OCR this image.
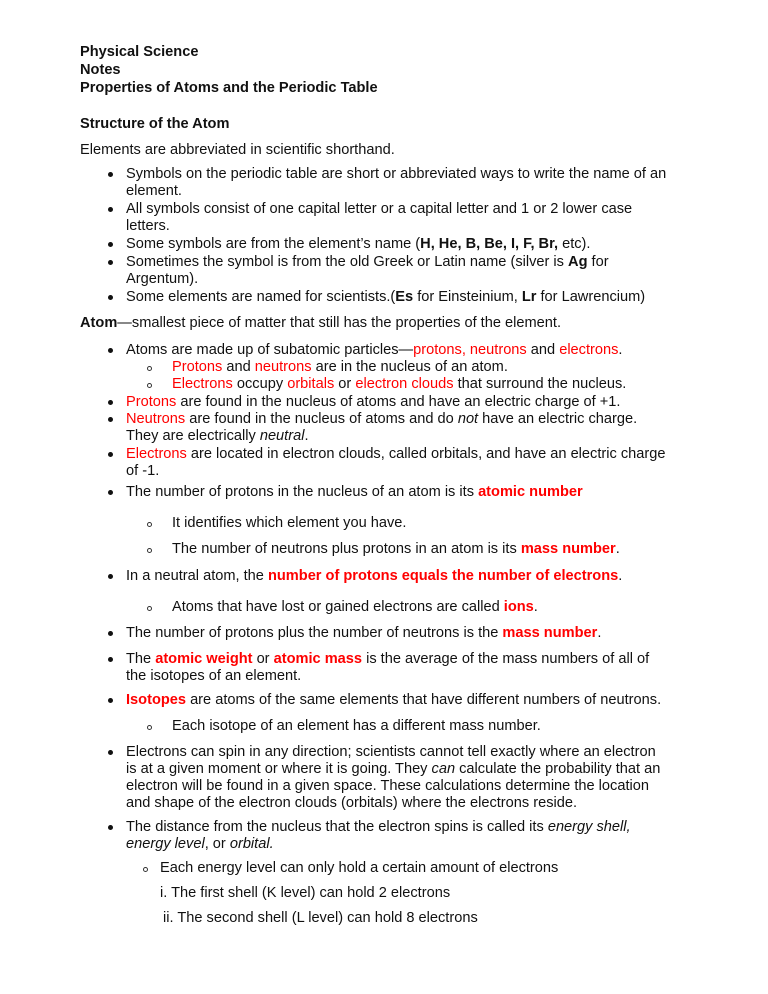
Physical Science
Notes
Properties of Atoms and the Periodic Table
Structure of the Atom
Elements are abbreviated in scientific shorthand.
Symbols on the periodic table are short or abbreviated ways to write the name of an
element.
All symbols consist of one capital letter or a capital letter and 1 or 2 lower case
letters.
Some symbols are from the element’s name (H, He, B, Be, I, F, Br, etc).
Sometimes the symbol is from the old Greek or Latin name (silver is Ag for
Argentum).
Some elements are named for scientists.(Es for Einsteinium, Lr for Lawrencium)
Atom—smallest piece of matter that still has the properties of the element.
Atoms are made up of subatomic particles—protons, neutrons and electrons.
Protons and neutrons are in the nucleus of an atom.
Electrons occupy orbitals or electron clouds that surround the nucleus.
Protons are found in the nucleus of atoms and have an electric charge of +1.
Neutrons are found in the nucleus of atoms and do not have an electric charge.
They are electrically neutral.
Electrons are located in electron clouds, called orbitals, and have an electric charge
of -1.
The number of protons in the nucleus of an atom is its atomic number
It identifies which element you have.
The number of neutrons plus protons in an atom is its mass number.
In a neutral atom, the number of protons equals the number of electrons.
Atoms that have lost or gained electrons are called ions.
The number of protons plus the number of neutrons is the mass number.
The atomic weight or atomic mass is the average of the mass numbers of all of
the isotopes of an element.
Isotopes are atoms of the same elements that have different numbers of neutrons.
Each isotope of an element has a different mass number.
Electrons can spin in any direction; scientists cannot tell exactly where an electron
is at a given moment or where it is going. They can calculate the probability that an
electron will be found in a given space. These calculations determine the location
and shape of the electron clouds (orbitals) where the electrons reside.
The distance from the nucleus that the electron spins is called its energy shell,
energy level, or orbital.
Each energy level can only hold a certain amount of electrons
i. The first shell (K level) can hold 2 electrons
ii. The second shell (L level) can hold 8 electrons
